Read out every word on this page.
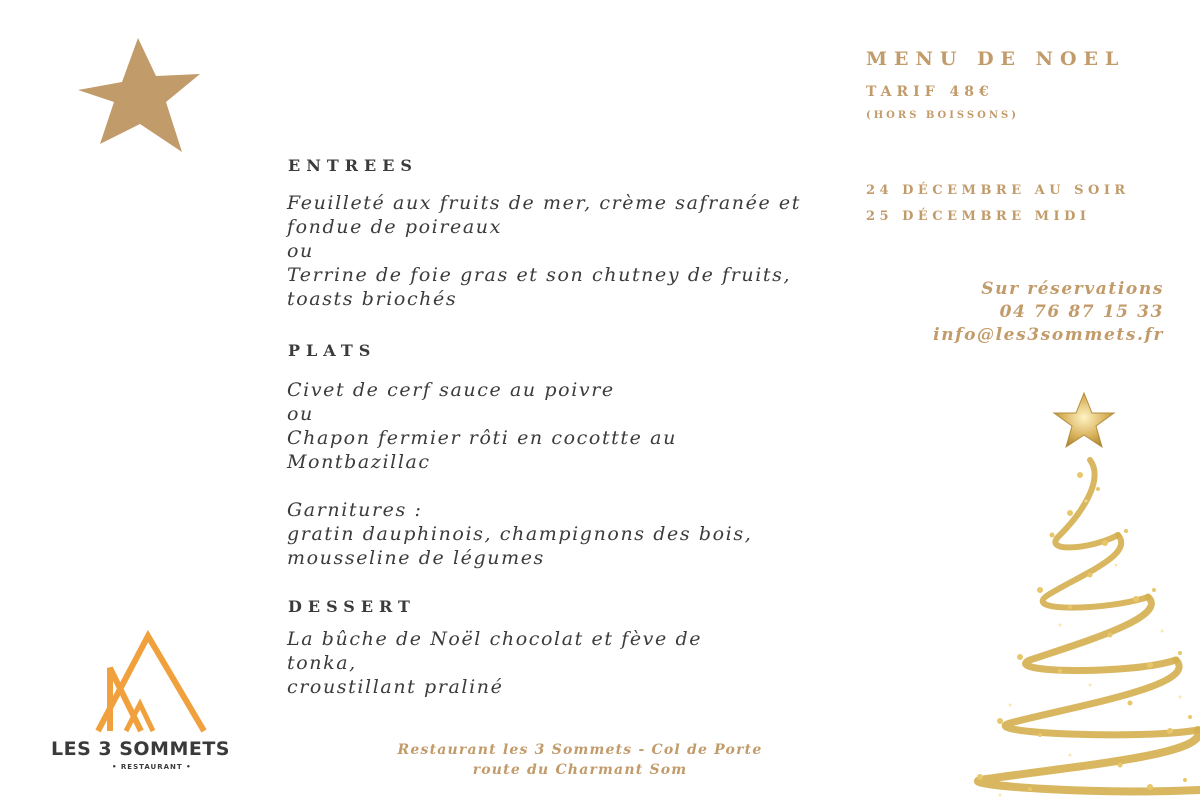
ENTREES
Feuilleté aux fruits de mer, crème safranée et
fondue de poireaux
ou
Terrine de foie gras et son chutney de fruits,
toasts briochés
PLATS
Civet de cerf sauce au poivre
ou
Chapon fermier rôti en cocottte au
Montbazillac
Garnitures :
gratin dauphinois, champignons des bois,
mousseline de légumes
DESSERT
La bûche de Noël chocolat et fève de
tonka,
croustillant praliné
MENU DE NOEL
TARIF 48€
(HORS BOISSONS)
24 DÉCEMBRE AU SOIR
25 DÉCEMBRE MIDI
Sur réservations
04 76 87 15 33
info@les3sommets.fr
Restaurant les 3 Sommets - Col de Porte
route du Charmant Som
LES 3 SOMMETS
• RESTAURANT •
